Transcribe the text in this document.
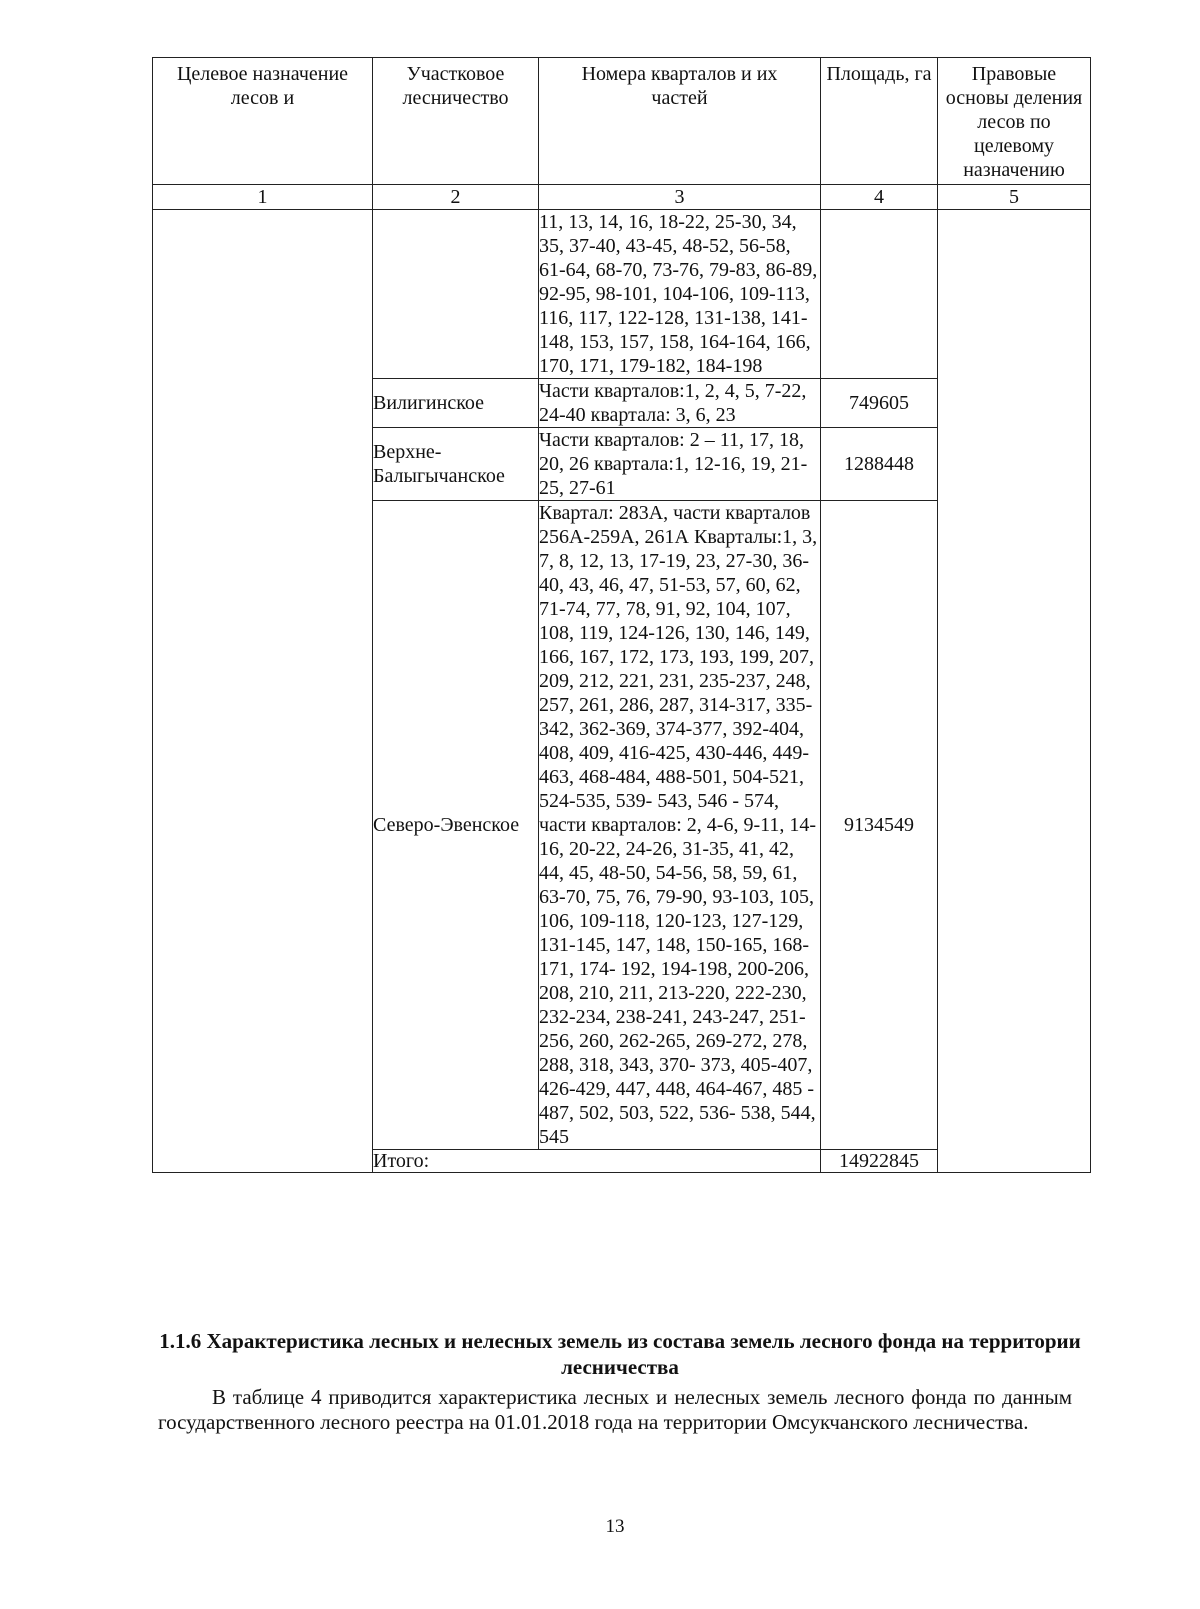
Целевое назначение лесов и	Участковое лесничество	Номера кварталов и их частей	Площадь, га	Правовые основы деления лесов по целевому назначению
1	2	3	4	5
		11, 13, 14, 16, 18-22, 25-30, 34, 35, 37-40, 43-45, 48-52, 56-58, 61-64, 68-70, 73-76, 79-83, 86-89, 92-95, 98-101, 104-106, 109-113, 116, 117, 122-128, 131-138, 141-148, 153, 157, 158, 164-164, 166, 170, 171, 179-182, 184-198		
	Вилигинское	Части кварталов:1, 2, 4, 5, 7-22, 24-40 квартала: 3, 6, 23	749605	
	Верхне-Балыгычанское	Части кварталов: 2 – 11, 17, 18, 20, 26 квартала:1, 12-16, 19, 21-25, 27-61	1288448	
	Северо-Эвенское	Квартал: 283А, части кварталов 256А-259А, 261А Кварталы:1, 3, 7, 8, 12, 13, 17-19, 23, 27-30, 36-40, 43, 46, 47, 51-53, 57, 60, 62, 71-74, 77, 78, 91, 92, 104, 107, 108, 119, 124-126, 130, 146, 149, 166, 167, 172, 173, 193, 199, 207, 209, 212, 221, 231, 235-237, 248, 257, 261, 286, 287, 314-317, 335-342, 362-369, 374-377, 392-404, 408, 409, 416-425, 430-446, 449-463, 468-484, 488-501, 504-521, 524-535, 539- 543, 546 - 574, части кварталов: 2, 4-6, 9-11, 14-16, 20-22, 24-26, 31-35, 41, 42, 44, 45, 48-50, 54-56, 58, 59, 61, 63-70, 75, 76, 79-90, 93-103, 105, 106, 109-118, 120-123, 127-129, 131-145, 147, 148, 150-165, 168-171, 174- 192, 194-198, 200-206, 208, 210, 211, 213-220, 222-230, 232-234, 238-241, 243-247, 251-256, 260, 262-265, 269-272, 278, 288, 318, 343, 370- 373, 405-407, 426-429, 447, 448, 464-467, 485 - 487, 502, 503, 522, 536- 538, 544, 545	9134549	
	Итого:		14922845	
1.1.6 Характеристика лесных и нелесных земель из состава земель лесного фонда на территории лесничества

В таблице 4 приводится характеристика лесных и нелесных земель лесного фонда по данным государственного лесного реестра на 01.01.2018 года на территории Омсукчанского лесничества.

13
